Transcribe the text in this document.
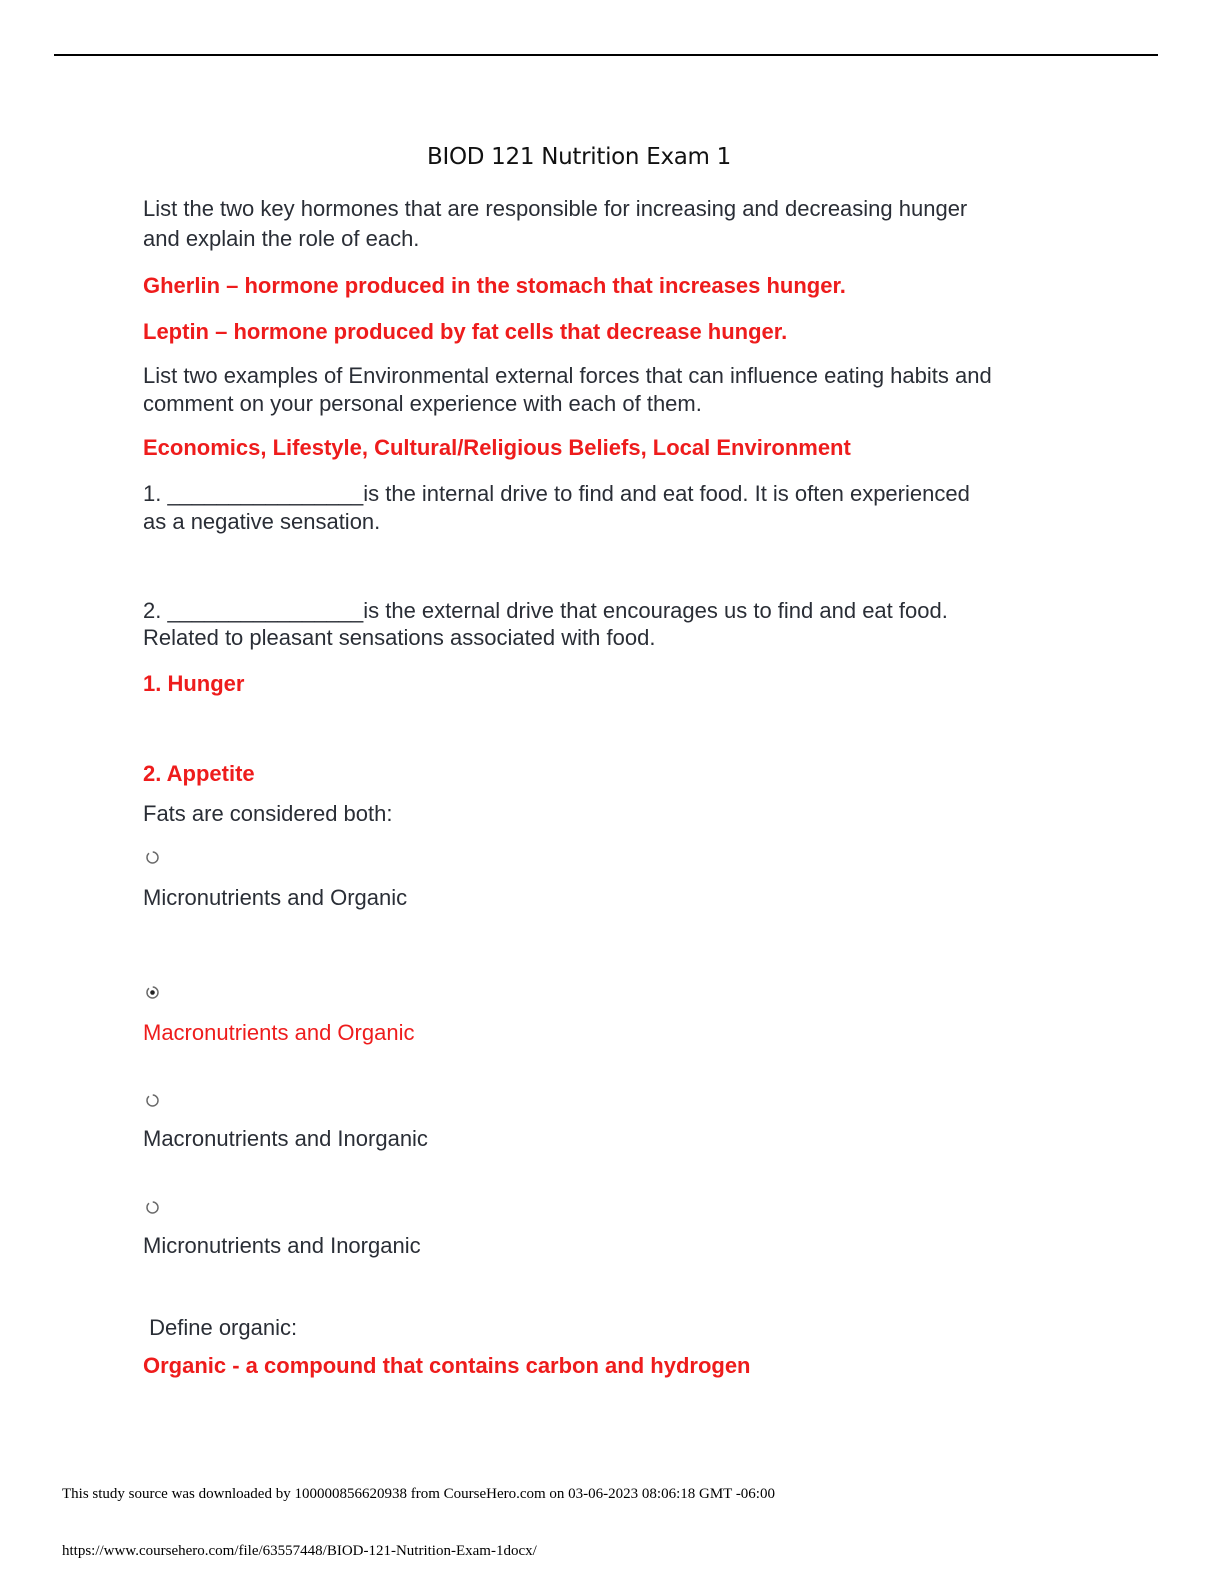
BIOD 121 Nutrition Exam 1
List the two key hormones that are responsible for increasing and decreasing hunger
and explain the role of each.
Gherlin – hormone produced in the stomach that increases hunger.
Leptin – hormone produced by fat cells that decrease hunger.
List two examples of Environmental external forces that can influence eating habits and
comment on your personal experience with each of them.
Economics, Lifestyle, Cultural/Religious Beliefs, Local Environment
1. ________________is the internal drive to find and eat food. It is often experienced
as a negative sensation.
2. ________________is the external drive that encourages us to find and eat food.
Related to pleasant sensations associated with food.
1. Hunger
2. Appetite
Fats are considered both:
Micronutrients and Organic
Macronutrients and Organic
Macronutrients and Inorganic
Micronutrients and Inorganic
Define organic:
Organic - a compound that contains carbon and hydrogen
This study source was downloaded by 100000856620938 from CourseHero.com on 03-06-2023 08:06:18 GMT -06:00
https://www.coursehero.com/file/63557448/BIOD-121-Nutrition-Exam-1docx/
